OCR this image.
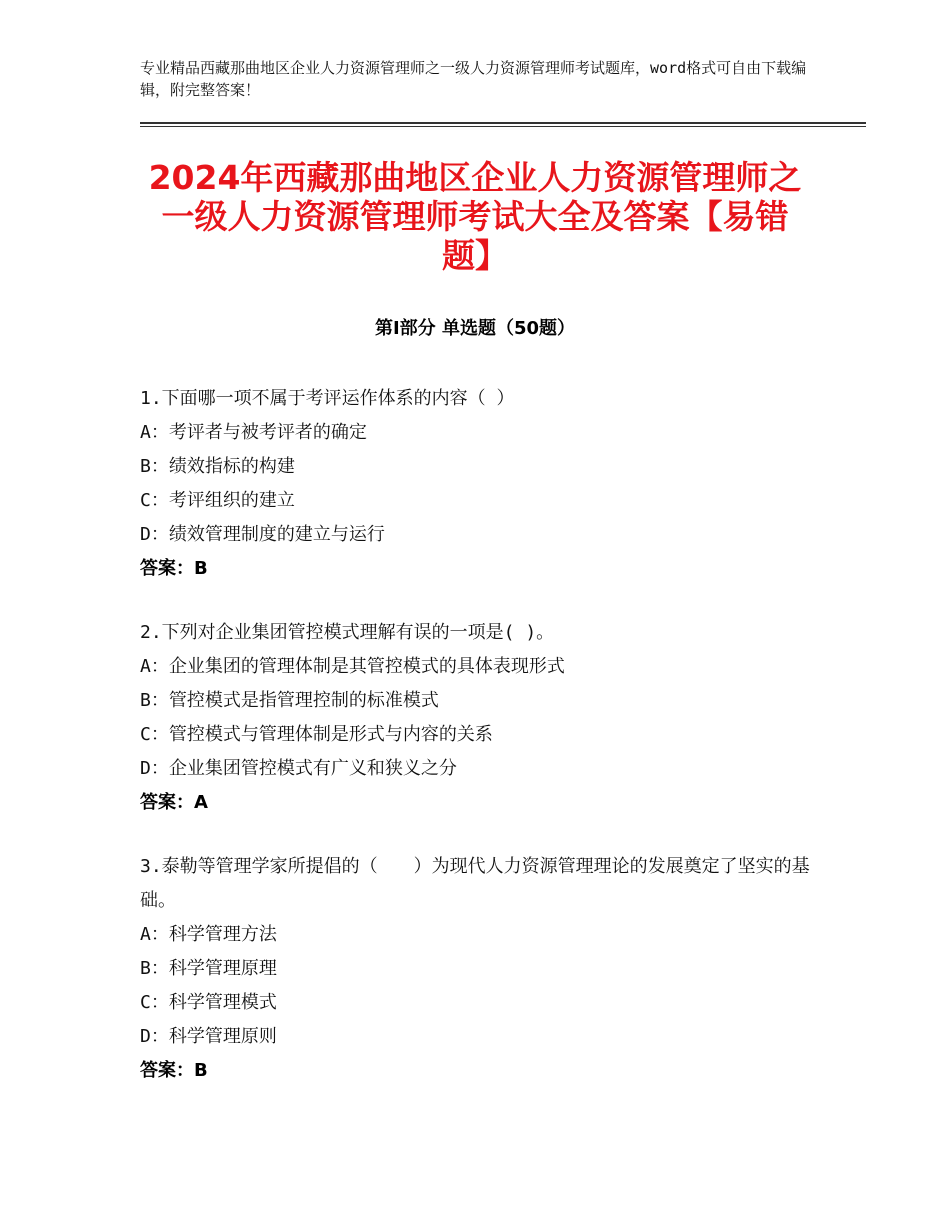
专业精品西藏那曲地区企业人力资源管理师之一级人力资源管理师考试题库，word格式可自由下载编辑，附完整答案！
2024年西藏那曲地区企业人力资源管理师之一级人力资源管理师考试大全及答案【易错题】
第Ⅰ部分 单选题（50题）
1.下面哪一项不属于考评运作体系的内容（ ）
A：考评者与被考评者的确定
B：绩效指标的构建
C：考评组织的建立
D：绩效管理制度的建立与运行
答案：B
2.下列对企业集团管控模式理解有误的一项是( )。
A：企业集团的管理体制是其管控模式的具体表现形式
B：管控模式是指管理控制的标准模式
C：管控模式与管理体制是形式与内容的关系
D：企业集团管控模式有广义和狭义之分
答案：A
3.泰勒等管理学家所提倡的（　　）为现代人力资源管理理论的发展奠定了坚实的基础。
A：科学管理方法
B：科学管理原理
C：科学管理模式
D：科学管理原则
答案：B
